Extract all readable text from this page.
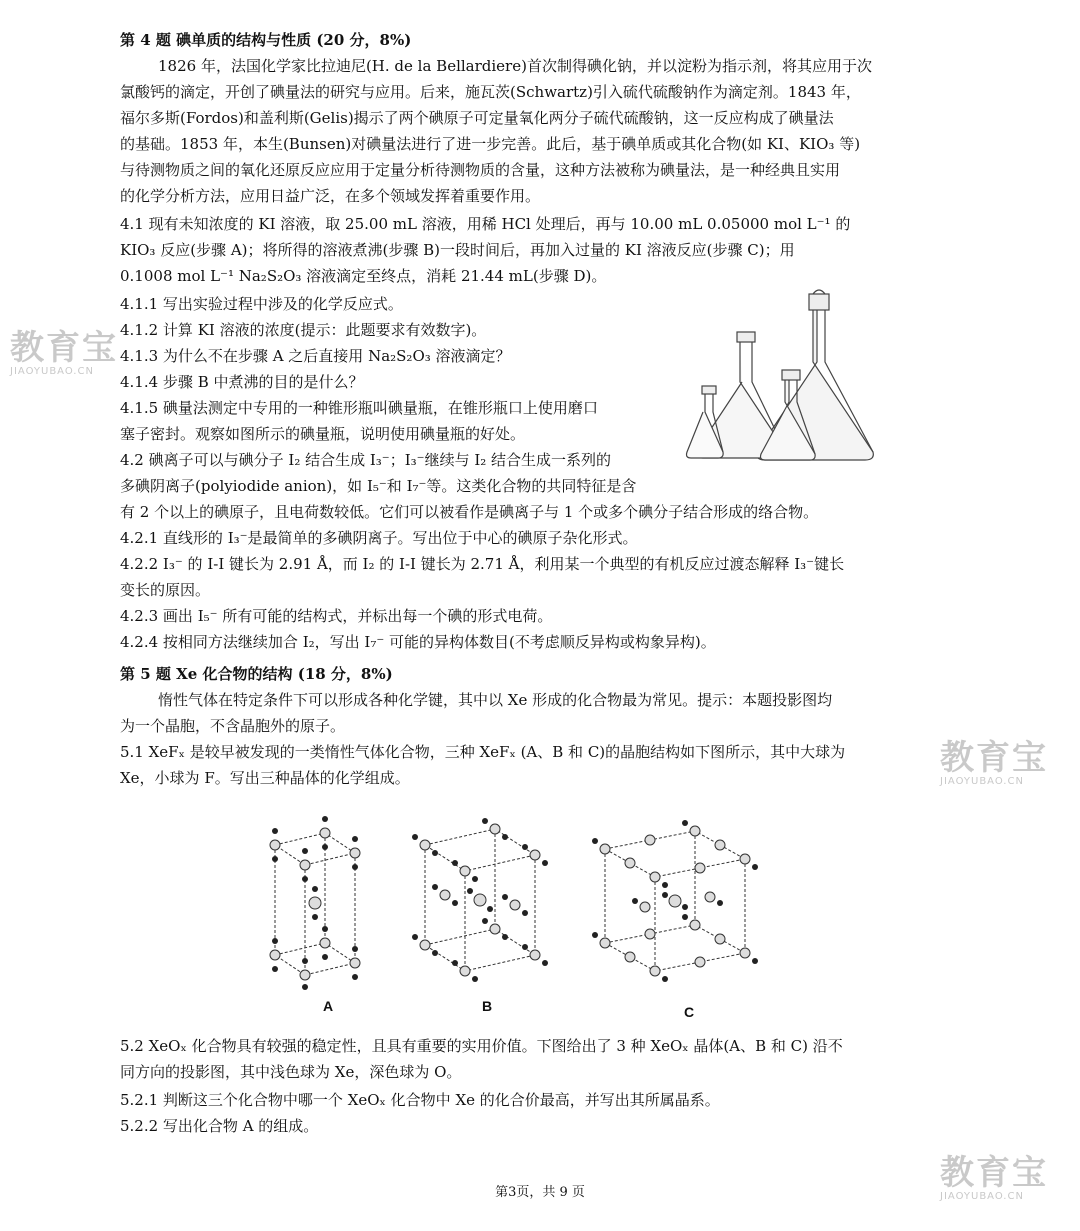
第 4 题 碘单质的结构与性质 (20 分，8%)
1826 年，法国化学家比拉迪尼(H. de la Bellardiere)首次制得碘化钠，并以淀粉为指示剂，将其应用于次
氯酸钙的滴定，开创了碘量法的研究与应用。后来，施瓦茨(Schwartz)引入硫代硫酸钠作为滴定剂。1843 年，
福尔多斯(Fordos)和盖利斯(Gelis)揭示了两个碘原子可定量氧化两分子硫代硫酸钠，这一反应构成了碘量法
的基础。1853 年，本生(Bunsen)对碘量法进行了进一步完善。此后，基于碘单质或其化合物(如 KI、KIO₃ 等)
与待测物质之间的氧化还原反应应用于定量分析待测物质的含量，这种方法被称为碘量法，是一种经典且实用
的化学分析方法，应用日益广泛，在多个领域发挥着重要作用。
4.1 现有未知浓度的 KI 溶液，取 25.00 mL 溶液，用稀 HCl 处理后，再与 10.00 mL 0.05000 mol L⁻¹ 的
KIO₃ 反应(步骤 A)；将所得的溶液煮沸(步骤 B)一段时间后，再加入过量的 KI 溶液反应(步骤 C)；用
0.1008 mol L⁻¹ Na₂S₂O₃ 溶液滴定至终点，消耗 21.44 mL(步骤 D)。
4.1.1 写出实验过程中涉及的化学反应式。
4.1.2 计算 KI 溶液的浓度(提示：此题要求有效数字)。
4.1.3 为什么不在步骤 A 之后直接用 Na₂S₂O₃ 溶液滴定？
4.1.4 步骤 B 中煮沸的目的是什么？
4.1.5 碘量法测定中专用的一种锥形瓶叫碘量瓶，在锥形瓶口上使用磨口
塞子密封。观察如图所示的碘量瓶，说明使用碘量瓶的好处。
4.2 碘离子可以与碘分子 I₂ 结合生成 I₃⁻；I₃⁻继续与 I₂ 结合生成一系列的
多碘阴离子(polyiodide anion)，如 I₅⁻和 I₇⁻等。这类化合物的共同特征是含
有 2 个以上的碘原子，且电荷数较低。它们可以被看作是碘离子与 1 个或多个碘分子结合形成的络合物。
4.2.1 直线形的 I₃⁻是最简单的多碘阴离子。写出位于中心的碘原子杂化形式。
4.2.2 I₃⁻ 的 I-I 键长为 2.91 Å，而 I₂ 的 I-I 键长为 2.71 Å，利用某一个典型的有机反应过渡态解释 I₃⁻键长
变长的原因。
4.2.3 画出 I₅⁻ 所有可能的结构式，并标出每一个碘的形式电荷。
4.2.4 按相同方法继续加合 I₂，写出 I₇⁻ 可能的异构体数目(不考虑顺反异构或构象异构)。
第 5 题 Xe 化合物的结构 (18 分，8%)
惰性气体在特定条件下可以形成各种化学键，其中以 Xe 形成的化合物最为常见。提示：本题投影图均
为一个晶胞，不含晶胞外的原子。
5.1 XeFₓ 是较早被发现的一类惰性气体化合物，三种 XeFₓ (A、B 和 C)的晶胞结构如下图所示，其中大球为
Xe，小球为 F。写出三种晶体的化学组成。
A	B	C
5.2 XeOₓ 化合物具有较强的稳定性，且具有重要的实用价值。下图给出了 3 种 XeOₓ 晶体(A、B 和 C) 沿不
同方向的投影图，其中浅色球为 Xe，深色球为 O。
5.2.1 判断这三个化合物中哪一个 XeOₓ 化合物中 Xe 的化合价最高，并写出其所属晶系。
5.2.2 写出化合物 A 的组成。
教育宝
JIAOYUBAO.CN
教育宝
JIAOYUBAO.CN
教育宝
JIAOYUBAO.CN
第3页，共 9 页
